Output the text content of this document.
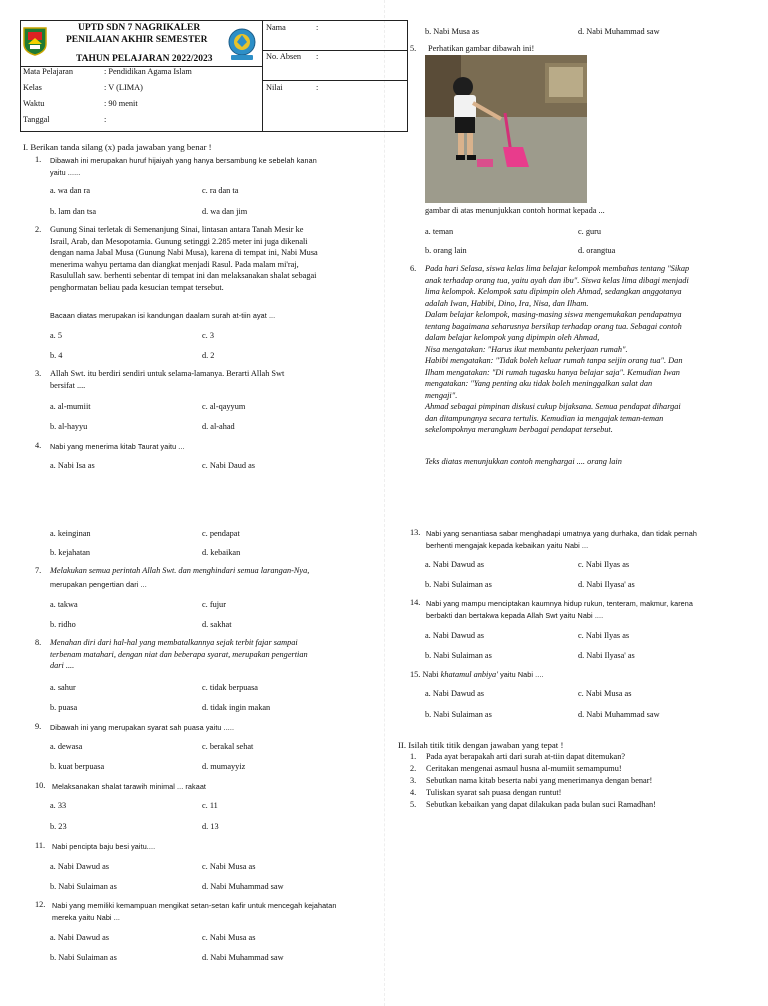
UPTD SDN 7 NAGRIKALER
PENILAIAN AKHIR SEMESTER
TAHUN PELAJARAN 2022/2023
Mata Pelajaran	: Pendidikan Agama Islam
Kelas	: V (LIMA)
Waktu	: 90 menit
Tanggal	:
Nama	:
No. Absen :
Nilai	:
I. Berikan tanda silang (x) pada jawaban yang benar !
1. Dibawah ini merupakan huruf hijaiyah yang hanya bersambung ke sebelah kanan
yaitu ......
a. wa dan ra	c. ra dan ta
b. lam dan tsa	d. wa dan jim
2. Gunung Sinai terletak di Semenanjung Sinai, lintasan antara Tanah Mesir ke
Israil, Arab, dan Mesopotamia. Gunung setinggi 2.285 meter ini juga dikenali
dengan nama Jabal Musa (Gunung Nabi Musa), karena di tempat ini, Nabi Musa
menerima wahyu pertama dan diangkat menjadi Rasul. Pada malam mi'raj,
Rasulullah saw. berhenti sebentar di tempat ini dan melaksanakan shalat sebagai
penghormatan beliau pada kesucian tempat tersebut.
Bacaan diatas merupakan isi kandungan daalam surah at-tiin ayat ...
a. 5	c. 3
b. 4	d. 2
3. Allah Swt. itu berdiri sendiri untuk selama-lamanya. Berarti Allah Swt
bersifat ....
a. al-mumiit	c. al-qayyum
b. al-hayyu	d. al-ahad
4. Nabi yang menerima kitab Taurat yaitu ...
a. Nabi Isa as	c. Nabi Daud as
b. Nabi Musa as	d. Nabi Muhammad saw
5. Perhatikan gambar dibawah ini!
gambar di atas menunjukkan contoh hormat kepada ...
a. teman	c. guru
b. orang lain	d. orangtua
6. Pada hari Selasa, siswa kelas lima belajar kelompok membahas tentang "Sikap
anak terhadap orang tua, yaitu ayah dan ibu". Siswa kelas lima dibagi menjadi
lima kelompok. Kelompok satu dipimpin oleh Ahmad, sedangkan anggotanya
adalah Iwan, Habibi, Dino, Ira, Nisa, dan Ilham.
Dalam belajar kelompok, masing-masing siswa mengemukakan pendapatnya
tentang bagaimana seharusnya bersikap terhadap orang tua. Sebagai contoh
dalam belajar kelompok yang dipimpin oleh Ahmad,
Nisa mengatakan: "Harus ikut membantu pekerjaan rumah".
Habibi mengatakan: "Tidak boleh keluar rumah tanpa seijin orang tua". Dan
Ilham mengatakan: "Di rumah tugasku hanya belajar saja". Kemudian Iwan
mengatakan: "Yang penting aku tidak boleh meninggalkan salat dan
mengaji".
Ahmad sebagai pimpinan diskusi cukup bijaksana. Semua pendapat dihargai
dan ditampungnya secara tertulis. Kemudian ia mengajak teman-teman
sekelompoknya merangkum berbagai pendapat tersebut.
Teks diatas menunjukkan contoh menghargai .... orang lain
a. keinginan	c. pendapat
b. kejahatan	d. kebaikan
7. Melakukan semua perintah Allah Swt. dan menghindari semua larangan-Nya,
merupakan pengertian dari ...
a. takwa	c. fujur
b. ridho	d. sakhat
8. Menahan diri dari hal-hal yang membatalkannya sejak terbit fajar sampai
terbenam matahari, dengan niat dan beberapa syarat, merupakan pengertian
dari ....
a. sahur	c. tidak berpuasa
b. puasa	d. tidak ingin makan
9. Dibawah ini yang merupakan syarat sah puasa yaitu .....
a. dewasa	c. berakal sehat
b. kuat berpuasa	d. mumayyiz
10. Melaksanakan shalat tarawih minimal ... rakaat
a. 33	c. 11
b. 23	d. 13
11. Nabi pencipta baju besi yaitu....
a. Nabi Dawud as	c. Nabi Musa as
b. Nabi Sulaiman as	d. Nabi Muhammad saw
12. Nabi yang memiliki kemampuan mengikat setan-setan kafir untuk mencegah kejahatan
mereka yaitu Nabi ...
a. Nabi Dawud as	c. Nabi Musa as
b. Nabi Sulaiman as	d. Nabi Muhammad saw
13. Nabi yang senantiasa sabar menghadapi umatnya yang durhaka, dan tidak pernah
berhenti mengajak kepada kebaikan yaitu Nabi ...
a. Nabi Dawud as	c. Nabi Ilyas as
b. Nabi Sulaiman as	d. Nabi Ilyasa' as
14. Nabi yang mampu menciptakan kaumnya hidup rukun, tenteram, makmur, karena
berbakti dan bertakwa kepada Allah Swt yaitu Nabi ....
a. Nabi Dawud as	c. Nabi Ilyas as
b. Nabi Sulaiman as	d. Nabi Ilyasa' as
15. Nabi khatamul anbiya' yaitu Nabi ....
a. Nabi Dawud as	c. Nabi Musa as
b. Nabi Sulaiman as	d. Nabi Muhammad saw
II. Isilah titik titik dengan jawaban yang tepat !
1. Pada ayat berapakah arti dari surah at-tiin dapat ditemukan?
2. Ceritakan mengenai asmaul husna al-mumiit semampumu!
3. Sebutkan nama kitab beserta nabi yang menerimanya dengan benar!
4. Tuliskan syarat sah puasa dengan runtut!
5. Sebutkan kebaikan yang dapat dilakukan pada bulan suci Ramadhan!
